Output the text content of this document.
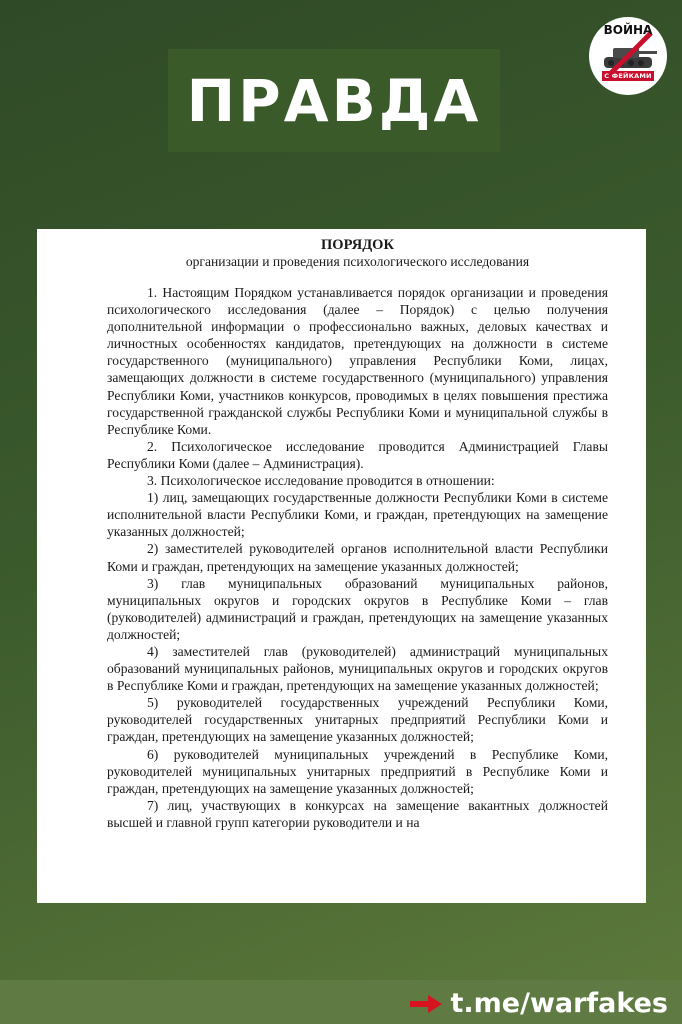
ПРАВДА
ВОЙНА
С ФЕЙКАМИ
ПОРЯДОК
организации и проведения психологического исследования

1. Настоящим Порядком устанавливается порядок организации и проведения психологического исследования (далее – Порядок) с целью получения дополнительной информации о профессионально важных, деловых качествах и личностных особенностях кандидатов, претендующих на должности в системе государственного (муниципального) управления Республики Коми, лицах, замещающих должности в системе государственного (муниципального) управления Республики Коми, участников конкурсов, проводимых в целях повышения престижа государственной гражданской службы Республики Коми и муниципальной службы в Республике Коми.

2. Психологическое исследование проводится Администрацией Главы Республики Коми (далее – Администрация).

3. Психологическое исследование проводится в отношении:

1) лиц, замещающих государственные должности Республики Коми в системе исполнительной власти Республики Коми, и граждан, претендующих на замещение указанных должностей;

2) заместителей руководителей органов исполнительной власти Республики Коми и граждан, претендующих на замещение указанных должностей;

3) глав муниципальных образований муниципальных районов, муниципальных округов и городских округов в Республике Коми – глав (руководителей) администраций и граждан, претендующих на замещение указанных должностей;

4) заместителей глав (руководителей) администраций муниципальных образований муниципальных районов, муниципальных округов и городских округов в Республике Коми и граждан, претендующих на замещение указанных должностей;

5) руководителей государственных учреждений Республики Коми, руководителей государственных унитарных предприятий Республики Коми и граждан, претендующих на замещение указанных должностей;

6) руководителей муниципальных учреждений в Республике Коми, руководителей муниципальных унитарных предприятий в Республике Коми и граждан, претендующих на замещение указанных должностей;

7) лиц, участвующих в конкурсах на замещение вакантных должностей высшей и главной групп категории руководители и на

t.me/warfakes
